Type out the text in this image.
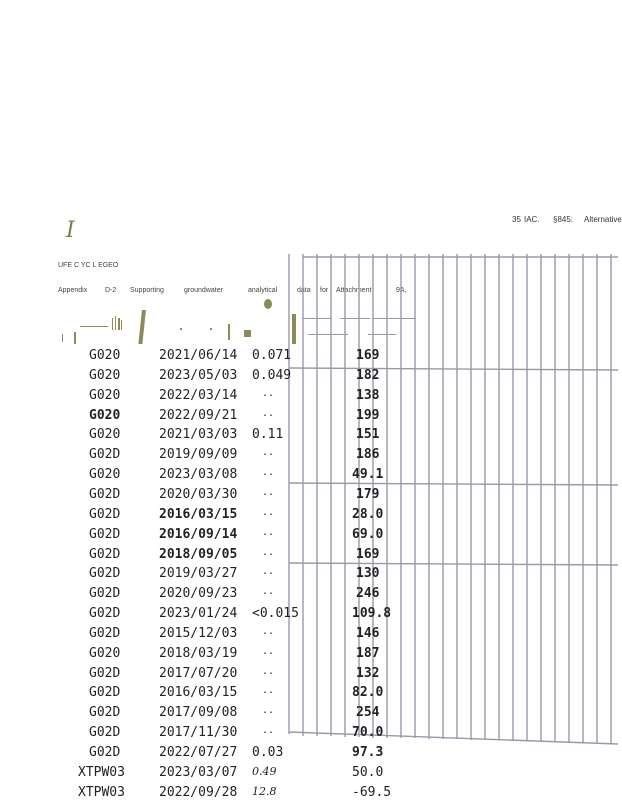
I	35 IAC. §845: Alternative
UFE C YC L EGEO
Appendix	D-2 Supporting	groundwater	analytical	data for Attachment	9A,
G020	2021/06/14 0.071	169
G020	2023/05/03 0.049	182
G020	2022/03/14 ..	138
G020	2022/09/21 ..	199
G020	2021/03/03 0.11	151
G02D	2019/09/09 ..	186
G020	2023/03/08 ..	49.1
G02D	2020/03/30 ..	179
G02D	2016/03/15 ..	28.0
G02D	2016/09/14 ..	69.0
G02D	2018/09/05 ..	169
G02D	2019/03/27 ..	130
G02D	2020/09/23 ..	246
G02D	2023/01/24 <0.015	109.8
G02D	2015/12/03 ..	146
G020	2018/03/19 ..	187
G02D	2017/07/20 ..	132
G02D	2016/03/15 ..	82.0
G02D	2017/09/08 ..	254
G02D	2017/11/30 ..	70.0
G02D	2022/07/27 0.03	97.3
XTPW03	2023/03/07 0.49	50.0
XTPW03	2022/09/28 12.8	-69.5
